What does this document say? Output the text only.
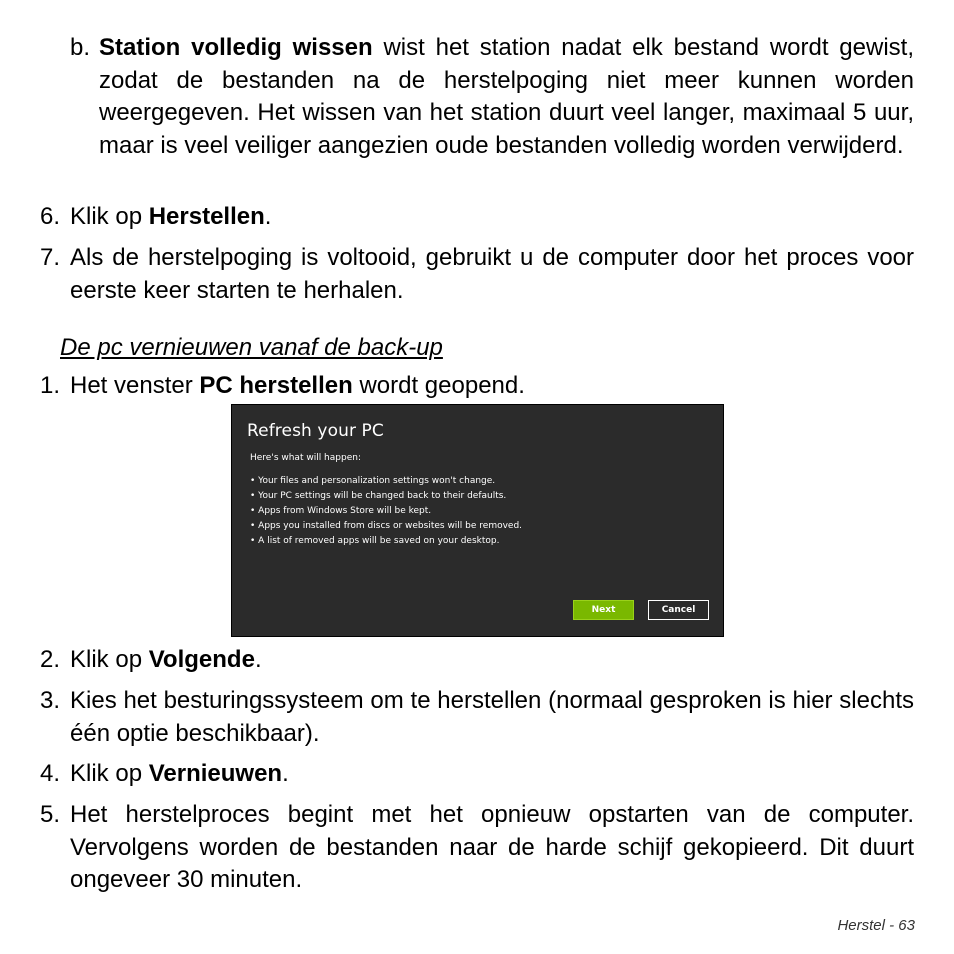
b. Station volledig wissen wist het station nadat elk bestand wordt gewist, zodat de bestanden na de herstelpoging niet meer kunnen worden weergegeven. Het wissen van het station duurt veel langer, maximaal 5 uur, maar is veel veiliger aangezien oude bestanden volledig worden verwijderd.

6. Klik op Herstellen.

7. Als de herstelpoging is voltooid, gebruikt u de computer door het proces voor eerste keer starten te herhalen.

De pc vernieuwen vanaf de back-up
1. Het venster PC herstellen wordt geopend.

Refresh your PC
Here's what will happen:
• Your files and personalization settings won't change.
• Your PC settings will be changed back to their defaults.
• Apps from Windows Store will be kept.
• Apps you installed from discs or websites will be removed.
• A list of removed apps will be saved on your desktop.
Next	Cancel
2. Klik op Volgende.

3. Kies het besturingssysteem om te herstellen (normaal gesproken is hier slechts één optie beschikbaar).

4. Klik op Vernieuwen.

5. Het herstelproces begint met het opnieuw opstarten van de computer. Vervolgens worden de bestanden naar de harde schijf gekopieerd. Dit duurt ongeveer 30 minuten.

Herstel - 63
